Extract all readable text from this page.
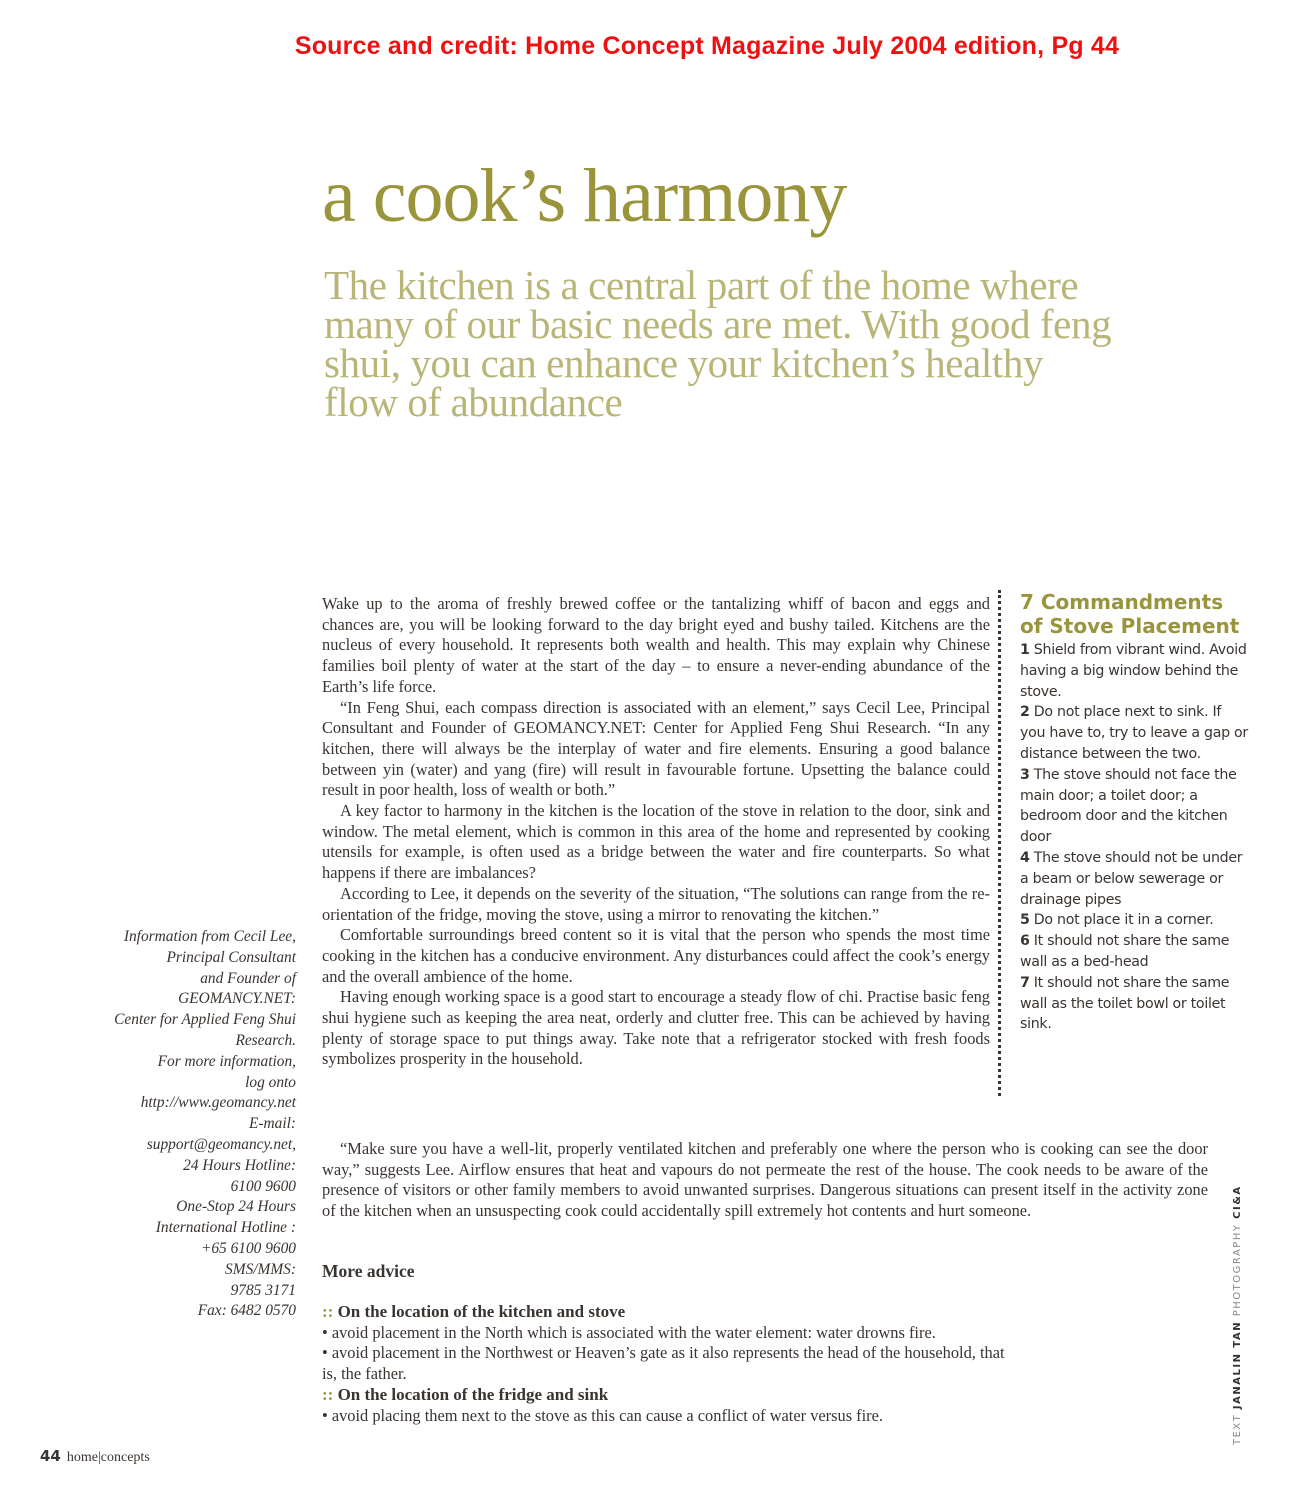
Source and credit: Home Concept Magazine July 2004 edition, Pg 44
a cook’s harmony
The kitchen is a central part of the home where many of our basic needs are met. With good feng shui, you can enhance your kitchen’s healthy flow of abundance

Wake up to the aroma of freshly brewed coffee or the tantalizing whiff of bacon and eggs and chances are, you will be looking forward to the day bright eyed and bushy tailed. Kitchens are the nucleus of every household. It represents both wealth and health. This may explain why Chinese families boil plenty of water at the start of the day – to ensure a never-ending abundance of the Earth’s life force.

“In Feng Shui, each compass direction is associated with an element,” says Cecil Lee, Principal Consultant and Founder of GEOMANCY.NET: Center for Applied Feng Shui Research. “In any kitchen, there will always be the interplay of water and fire elements. Ensuring a good balance between yin (water) and yang (fire) will result in favourable fortune. Upsetting the balance could result in poor health, loss of wealth or both.”

A key factor to harmony in the kitchen is the location of the stove in relation to the door, sink and window. The metal element, which is common in this area of the home and represented by cooking utensils for example, is often used as a bridge between the water and fire counterparts. So what happens if there are imbalances?

According to Lee, it depends on the severity of the situation, “The solutions can range from the re-orientation of the fridge, moving the stove, using a mirror to renovating the kitchen.”

Comfortable surroundings breed content so it is vital that the person who spends the most time cooking in the kitchen has a conducive environment. Any disturbances could affect the cook’s energy and the overall ambience of the home.

Having enough working space is a good start to encourage a steady flow of chi. Practise basic feng shui hygiene such as keeping the area neat, orderly and clutter free. This can be achieved by having plenty of storage space to put things away. Take note that a refrigerator stocked with fresh foods symbolizes prosperity in the household.

“Make sure you have a well-lit, properly ventilated kitchen and preferably one where the person who is cooking can see the door way,” suggests Lee. Airflow ensures that heat and vapours do not permeate the rest of the house. The cook needs to be aware of the presence of visitors or other family members to avoid unwanted surprises. Dangerous situations can present itself in the activity zone of the kitchen when an unsuspecting cook could accidentally spill extremely hot contents and hurt someone.

More advice

:: On the location of the kitchen and stove

• avoid placement in the North which is associated with the water element: water drowns fire.

• avoid placement in the Northwest or Heaven’s gate as it also represents the head of the household, that is, the father.

:: On the location of the fridge and sink

• avoid placing them next to the stove as this can cause a conflict of water versus fire.

7 Commandments of Stove Placement
1 Shield from vibrant wind. Avoid having a big window behind the stove.
2 Do not place next to sink. If you have to, try to leave a gap or distance between the two.
3 The stove should not face the main door; a toilet door; a bedroom door and the kitchen door
4 The stove should not be under a beam or below sewerage or drainage pipes
5 Do not place it in a corner.
6 It should not share the same wall as a bed-head
7 It should not share the same wall as the toilet bowl or toilet sink.
Information from Cecil Lee,
Principal Consultant
and Founder of
GEOMANCY.NET:
Center for Applied Feng Shui
Research.
For more information,
log onto
http://www.geomancy.net
E-mail:
support@geomancy.net,
24 Hours Hotline:
6100 9600
One-Stop 24 Hours
International Hotline :
+65 6100 9600
SMS/MMS:
9785 3171
Fax: 6482 0570
44 home|concepts
TEXT JANALIN TAN PHOTOGRAPHY CI&A
